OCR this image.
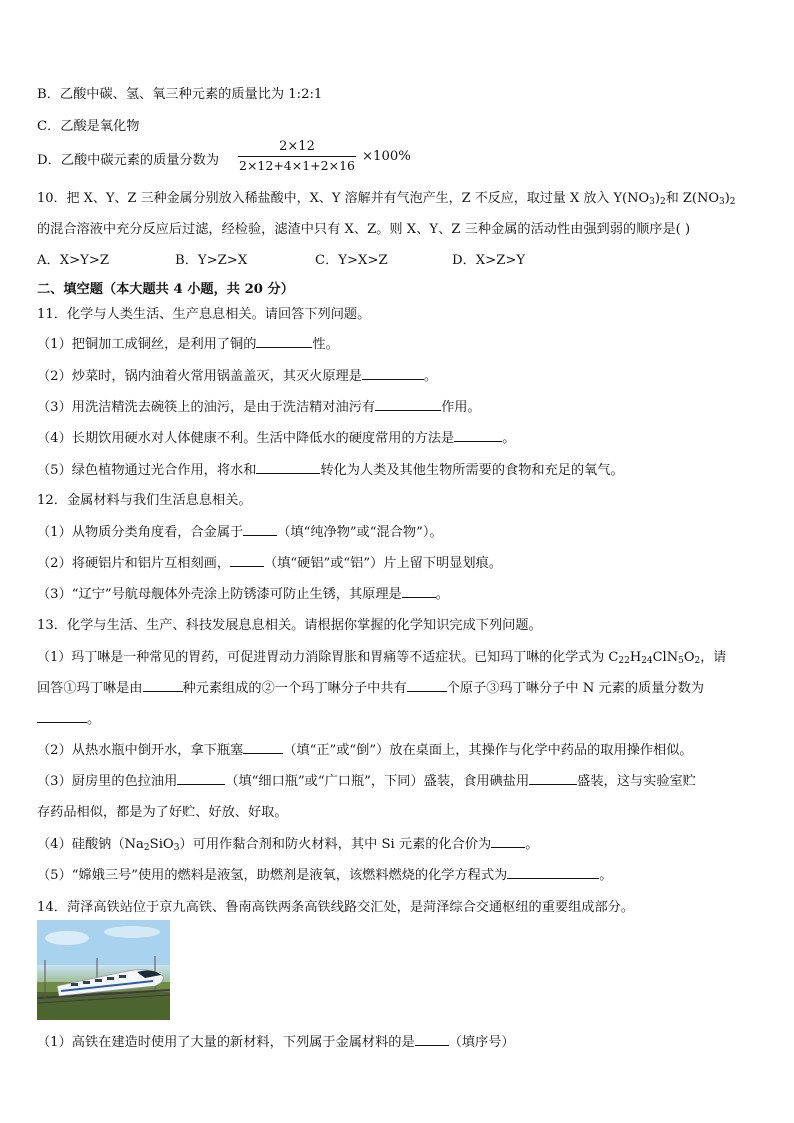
B．乙酸中碳、氢、氧三种元素的质量比为 1:2:1
C．乙酸是氧化物
D．乙酸中碳元素的质量分数为
2×12
2×12+4×1+2×16
×100%
10．把 X、Y、Z 三种金属分别放入稀盐酸中，X、Y 溶解并有气泡产生，Z 不反应，取过量 X 放入 $Y(NO_3)_2$和 $Z(NO_3)_2$
的混合溶液中充分反应后过滤，经检验，滤渣中只有 X、Z。则 X、Y、Z 三种金属的活动性由强到弱的顺序是( )
A．X>Y>Z	B．Y>Z>X	C．Y>X>Z	D．X>Z>Y
二、填空题（本大题共 4 小题，共 20 分）
11．化学与人类生活、生产息息相关。请回答下列问题。
（1）把铜加工成铜丝，是利用了铜的	性。
（2）炒菜时，锅内油着火常用锅盖盖灭，其灭火原理是	。
（3）用洗洁精洗去碗筷上的油污，是由于洗洁精对油污有	作用。
（4）长期饮用硬水对人体健康不利。生活中降低水的硬度常用的方法是	。
（5）绿色植物通过光合作用，将水和	转化为人类及其他生物所需要的食物和充足的氧气。
12．金属材料与我们生活息息相关。
（1）从物质分类角度看，合金属于	（填“纯净物”或“混合物”）。
（2）将硬铝片和铝片互相刻画，	（填“硬铝”或“铝”）片上留下明显划痕。
（3）“辽宁”号航母舰体外壳涂上防锈漆可防止生锈，其原理是	。
13．化学与生活、生产、科技发展息息相关。请根据你掌握的化学知识完成下列问题。
（1）玛丁啉是一种常见的胃药，可促进胃动力消除胃胀和胃痛等不适症状。已知玛丁啉的化学式为 $C_{22}H_{24}ClN_5O_2$，请
回答①玛丁啉是由	种元素组成的②一个玛丁啉分子中共有	个原子③玛丁啉分子中 N 元素的质量分数为
。
（2）从热水瓶中倒开水，拿下瓶塞	（填“正”或“倒”）放在桌面上，其操作与化学中药品的取用操作相似。
（3）厨房里的色拉油用	（填“细口瓶”或“广口瓶”，下同）盛装，食用碘盐用	盛装，这与实验室贮
存药品相似，都是为了好贮、好放、好取。
（4）硅酸钠$(Na_2SiO_3)$可用作黏合剂和防火材料，其中 Si 元素的化合价为	。
（5）“嫦娥三号”使用的燃料是液氢，助燃剂是液氧，该燃料燃烧的化学方程式为	。
14．菏泽高铁站位于京九高铁、鲁南高铁两条高铁线路交汇处，是菏泽综合交通枢纽的重要组成部分。
（1）高铁在建造时使用了大量的新材料，下列属于金属材料的是	（填序号）
